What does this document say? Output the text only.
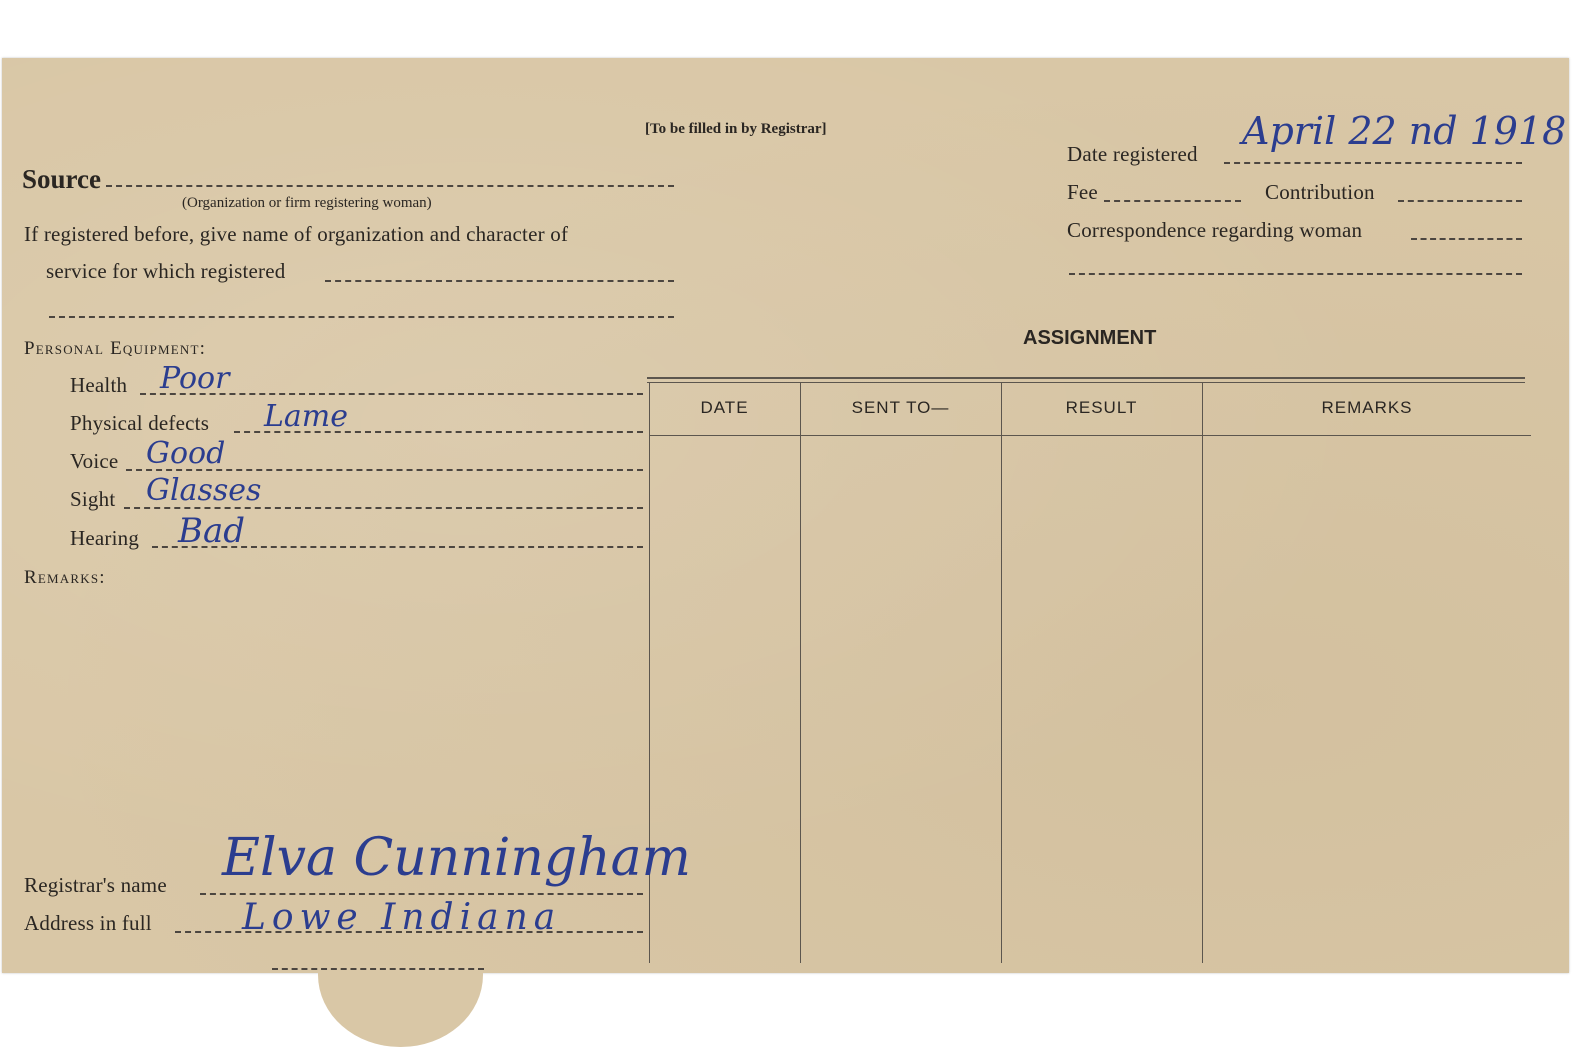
[To be filled in by Registrar]
Source
(Organization or firm registering woman)
If registered before, give name of organization and character of
service for which registered
Date registered
April 22 nd 1918
Fee	Contribution
Correspondence regarding woman
Personal Equipment:
Health Poor
Physical defects Lame
Voice Good
Sight Glasses
Hearing Bad
Remarks:
ASSIGNMENT
DATE	SENT TO—	RESULT	REMARKS
Registrar's name Elva Cunningham
Address in full	Lowe Indiana
